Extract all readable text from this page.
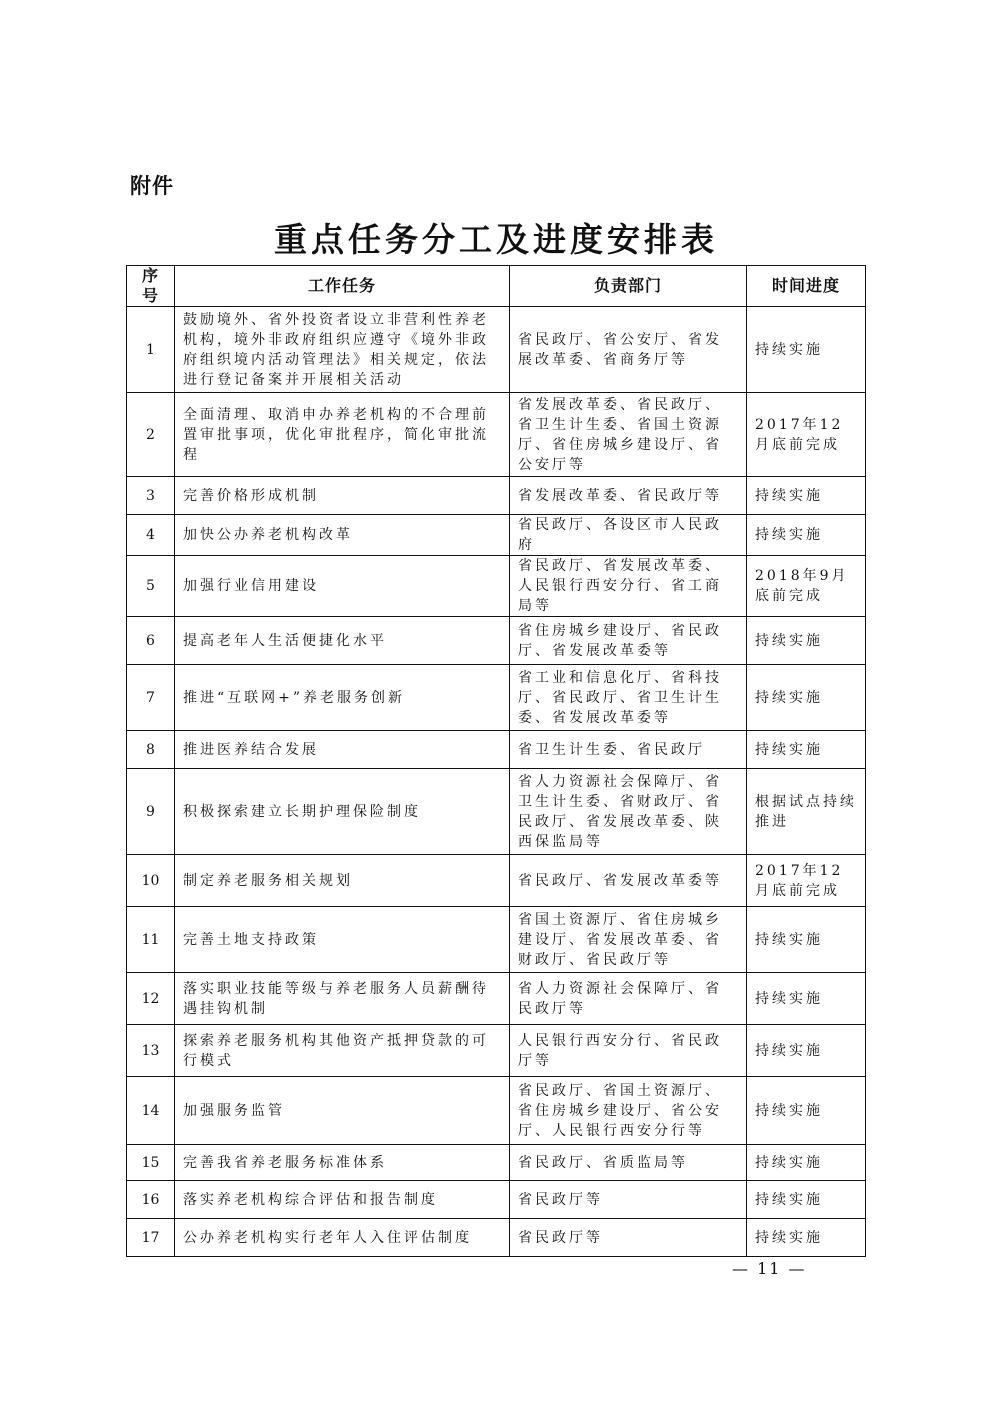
附件
重点任务分工及进度安排表
序号	工作任务	负责部门	时间进度
1	鼓励境外、省外投资者设立非营利性养老机构，境外非政府组织应遵守《境外非政府组织境内活动管理法》相关规定，依法进行登记备案并开展相关活动	省民政厅、省公安厅、省发展改革委、省商务厅等	持续实施
2	全面清理、取消申办养老机构的不合理前置审批事项，优化审批程序，简化审批流程	省发展改革委、省民政厅、省卫生计生委、省国土资源厅、省住房城乡建设厅、省公安厅等	2017年12月底前完成
3	完善价格形成机制	省发展改革委、省民政厅等	持续实施
4	加快公办养老机构改革	省民政厅、各设区市人民政府	持续实施
5	加强行业信用建设	省民政厅、省发展改革委、人民银行西安分行、省工商局等	2018年9月底前完成
6	提高老年人生活便捷化水平	省住房城乡建设厅、省民政厅、省发展改革委等	持续实施
7	推进“互联网+”养老服务创新	省工业和信息化厅、省科技厅、省民政厅、省卫生计生委、省发展改革委等	持续实施
8	推进医养结合发展	省卫生计生委、省民政厅	持续实施
9	积极探索建立长期护理保险制度	省人力资源社会保障厅、省卫生计生委、省财政厅、省民政厅、省发展改革委、陕西保监局等	根据试点持续推进
10	制定养老服务相关规划	省民政厅、省发展改革委等	2017年12月底前完成
11	完善土地支持政策	省国土资源厅、省住房城乡建设厅、省发展改革委、省财政厅、省民政厅等	持续实施
12	落实职业技能等级与养老服务人员薪酬待遇挂钩机制	省人力资源社会保障厅、省民政厅等	持续实施
13	探索养老服务机构其他资产抵押贷款的可行模式	人民银行西安分行、省民政厅等	持续实施
14	加强服务监管	省民政厅、省国土资源厅、省住房城乡建设厅、省公安厅、人民银行西安分行等	持续实施
15	完善我省养老服务标准体系	省民政厅、省质监局等	持续实施
16	落实养老机构综合评估和报告制度	省民政厅等	持续实施
17	公办养老机构实行老年人入住评估制度	省民政厅等	持续实施
— 11 —
